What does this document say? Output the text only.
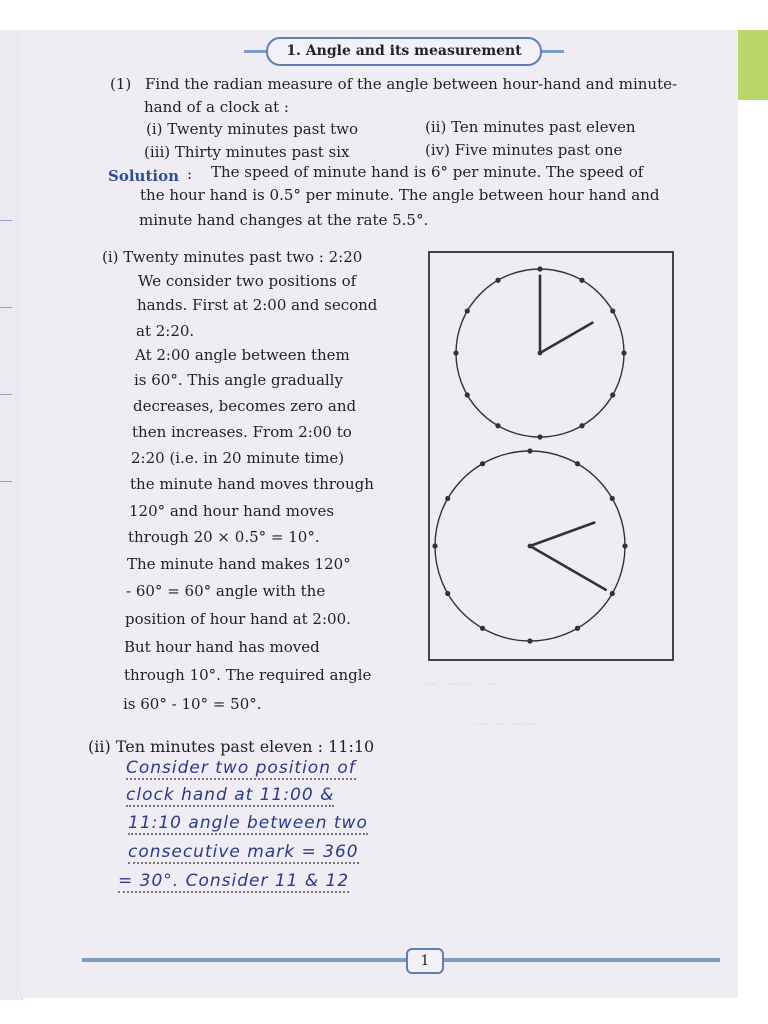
1. Angle and its measurement
(1) Find the radian measure of the angle between hour-hand and minute-
hand of a clock at :
(i) Twenty minutes past two	(ii) Ten minutes past eleven
(iii) Thirty minutes past six	(iv) Five minutes past one
Solution : The speed of minute hand is 6° per minute. The speed of
the hour hand is 0.5° per minute. The angle between hour hand and
minute hand changes at the rate 5.5°.
(i) Twenty minutes past two : 2:20
We consider two positions of
hands. First at 2:00 and second
at 2:20.
At 2:00 angle between them
is 60°. This angle gradually
decreases, becomes zero and
then increases. From 2:00 to
2:20 (i.e. in 20 minute time)
the minute hand moves through
120° and hour hand moves
through 20 × 0.5° = 10°.
The minute hand makes 120°
- 60° = 60° angle with the
position of hour hand at 2:00.
But hour hand has moved
through 10°. The required angle
is 60° - 10° = 50°.
(ii) Ten minutes past eleven : 11:10
Consider two position of
clock hand at 11:00 &
11:10 angle between two
consecutive mark = 360
= 30°. Consider 11 & 12
⌒ ⌒⌒ ′ ⌒
⌒ ⌒ ⌒⌒
1
